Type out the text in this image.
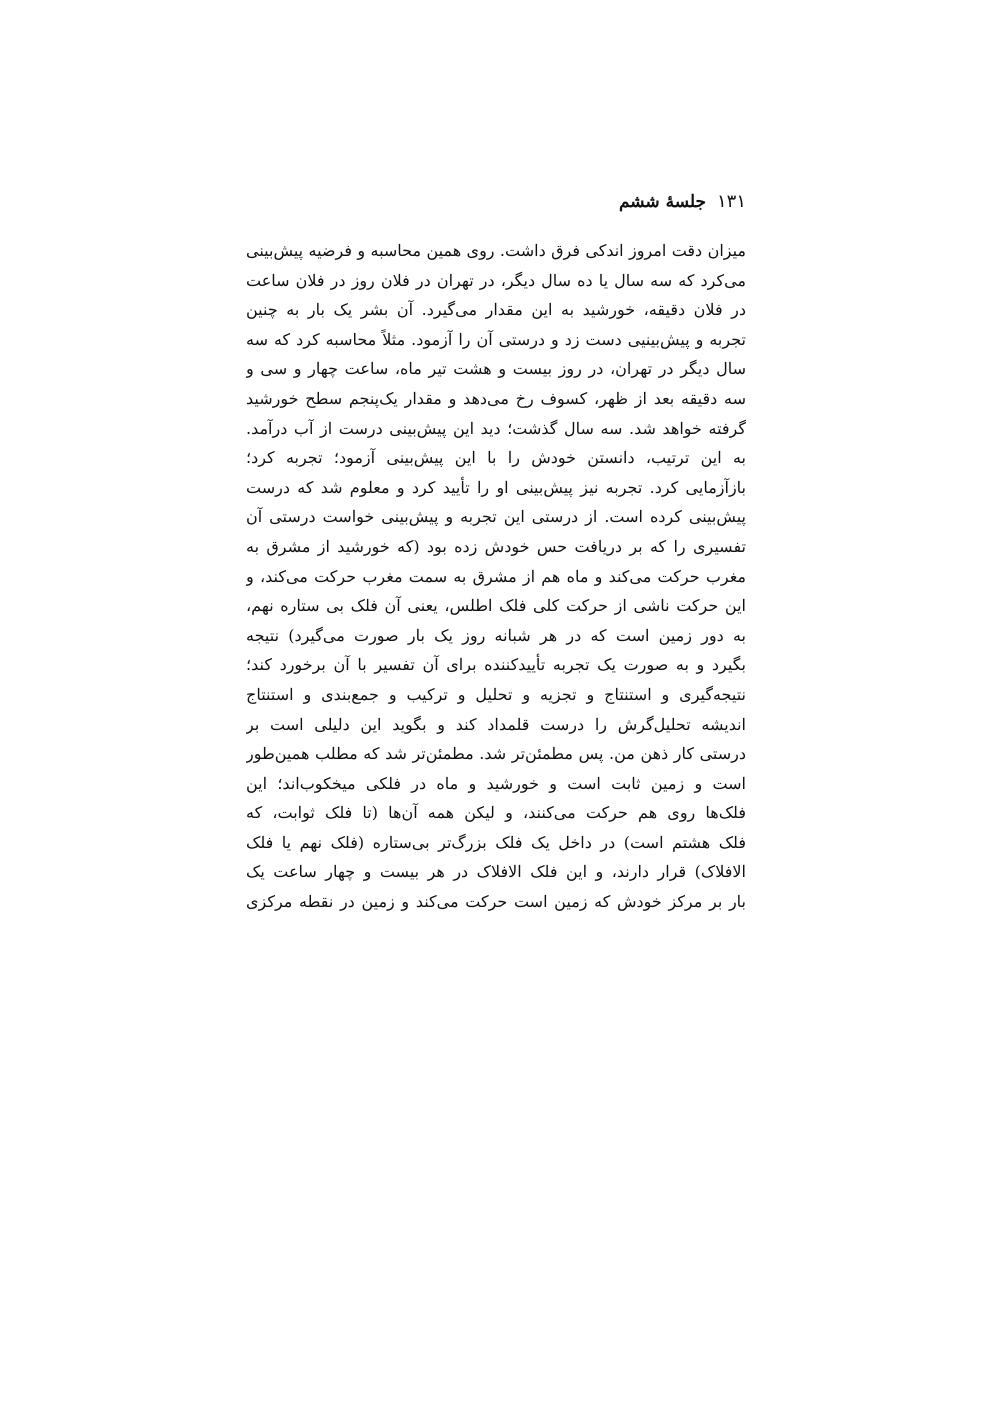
۱۳۱
جلسهٔ ششم
میزان دقت امروز اندکی فرق داشت. روی همین محاسبه و فرضیه پیش‌بینی
می‌کرد که سه سال یا ده سال دیگر، در تهران در فلان روز در فلان ساعت
در فلان دقیقه، خورشید به این مقدار می‌گیرد. آن بشر یک بار به چنین
تجربه و پیش‌بینیی دست زد و درستی آن را آزمود. مثلاً محاسبه کرد که سه
سال دیگر در تهران، در روز بیست و هشت تیر ماه، ساعت چهار و سی و
سه دقیقه بعد از ظهر، کسوف رخ می‌دهد و مقدار یک‌پنجم سطح خورشید
گرفته خواهد شد. سه سال گذشت؛ دید این پیش‌بینی درست از آب درآمد.
به این ترتیب، دانستن خودش را با این پیش‌بینی آزمود؛ تجربه کرد؛
بازآزمایی کرد. تجربه نیز پیش‌بینی او را تأیید کرد و معلوم شد که درست
پیش‌بینی کرده است. از درستی این تجربه و پیش‌بینی خواست درستی آن
تفسیری را که بر دریافت حس خودش زده بود (که خورشید از مشرق به
مغرب حرکت می‌کند و ماه هم از مشرق به سمت مغرب حرکت می‌کند، و
این حرکت ناشی از حرکت کلی فلک اطلس، یعنی آن فلک بی ستاره نهم،
به دور زمین است که در هر شبانه روز یک بار صورت می‌گیرد) نتیجه
بگیرد و به صورت یک تجربه تأییدکننده برای آن تفسیر با آن برخورد کند؛
نتیجه‌گیری و استنتاج و تجزیه و تحلیل و ترکیب و جمع‌بندی و استنتاج
اندیشه تحلیل‌گرش را درست قلمداد کند و بگوید این دلیلی است بر
درستی کار ذهن من. پس مطمئن‌تر شد. مطمئن‌تر شد که مطلب همین‌طور
است و زمین ثابت است و خورشید و ماه در فلکی میخکوب‌اند؛ این
فلک‌ها روی هم حرکت می‌کنند، و لیکن همه آن‌ها (تا فلک ثوابت، که
فلک هشتم است) در داخل یک فلک بزرگ‌تر بی‌ستاره (فلک نهم یا فلک
الافلاک) قرار دارند، و این فلک الافلاک در هر بیست و چهار ساعت یک
بار بر مرکز خودش که زمین است حرکت می‌کند و زمین در نقطه مرکزی
